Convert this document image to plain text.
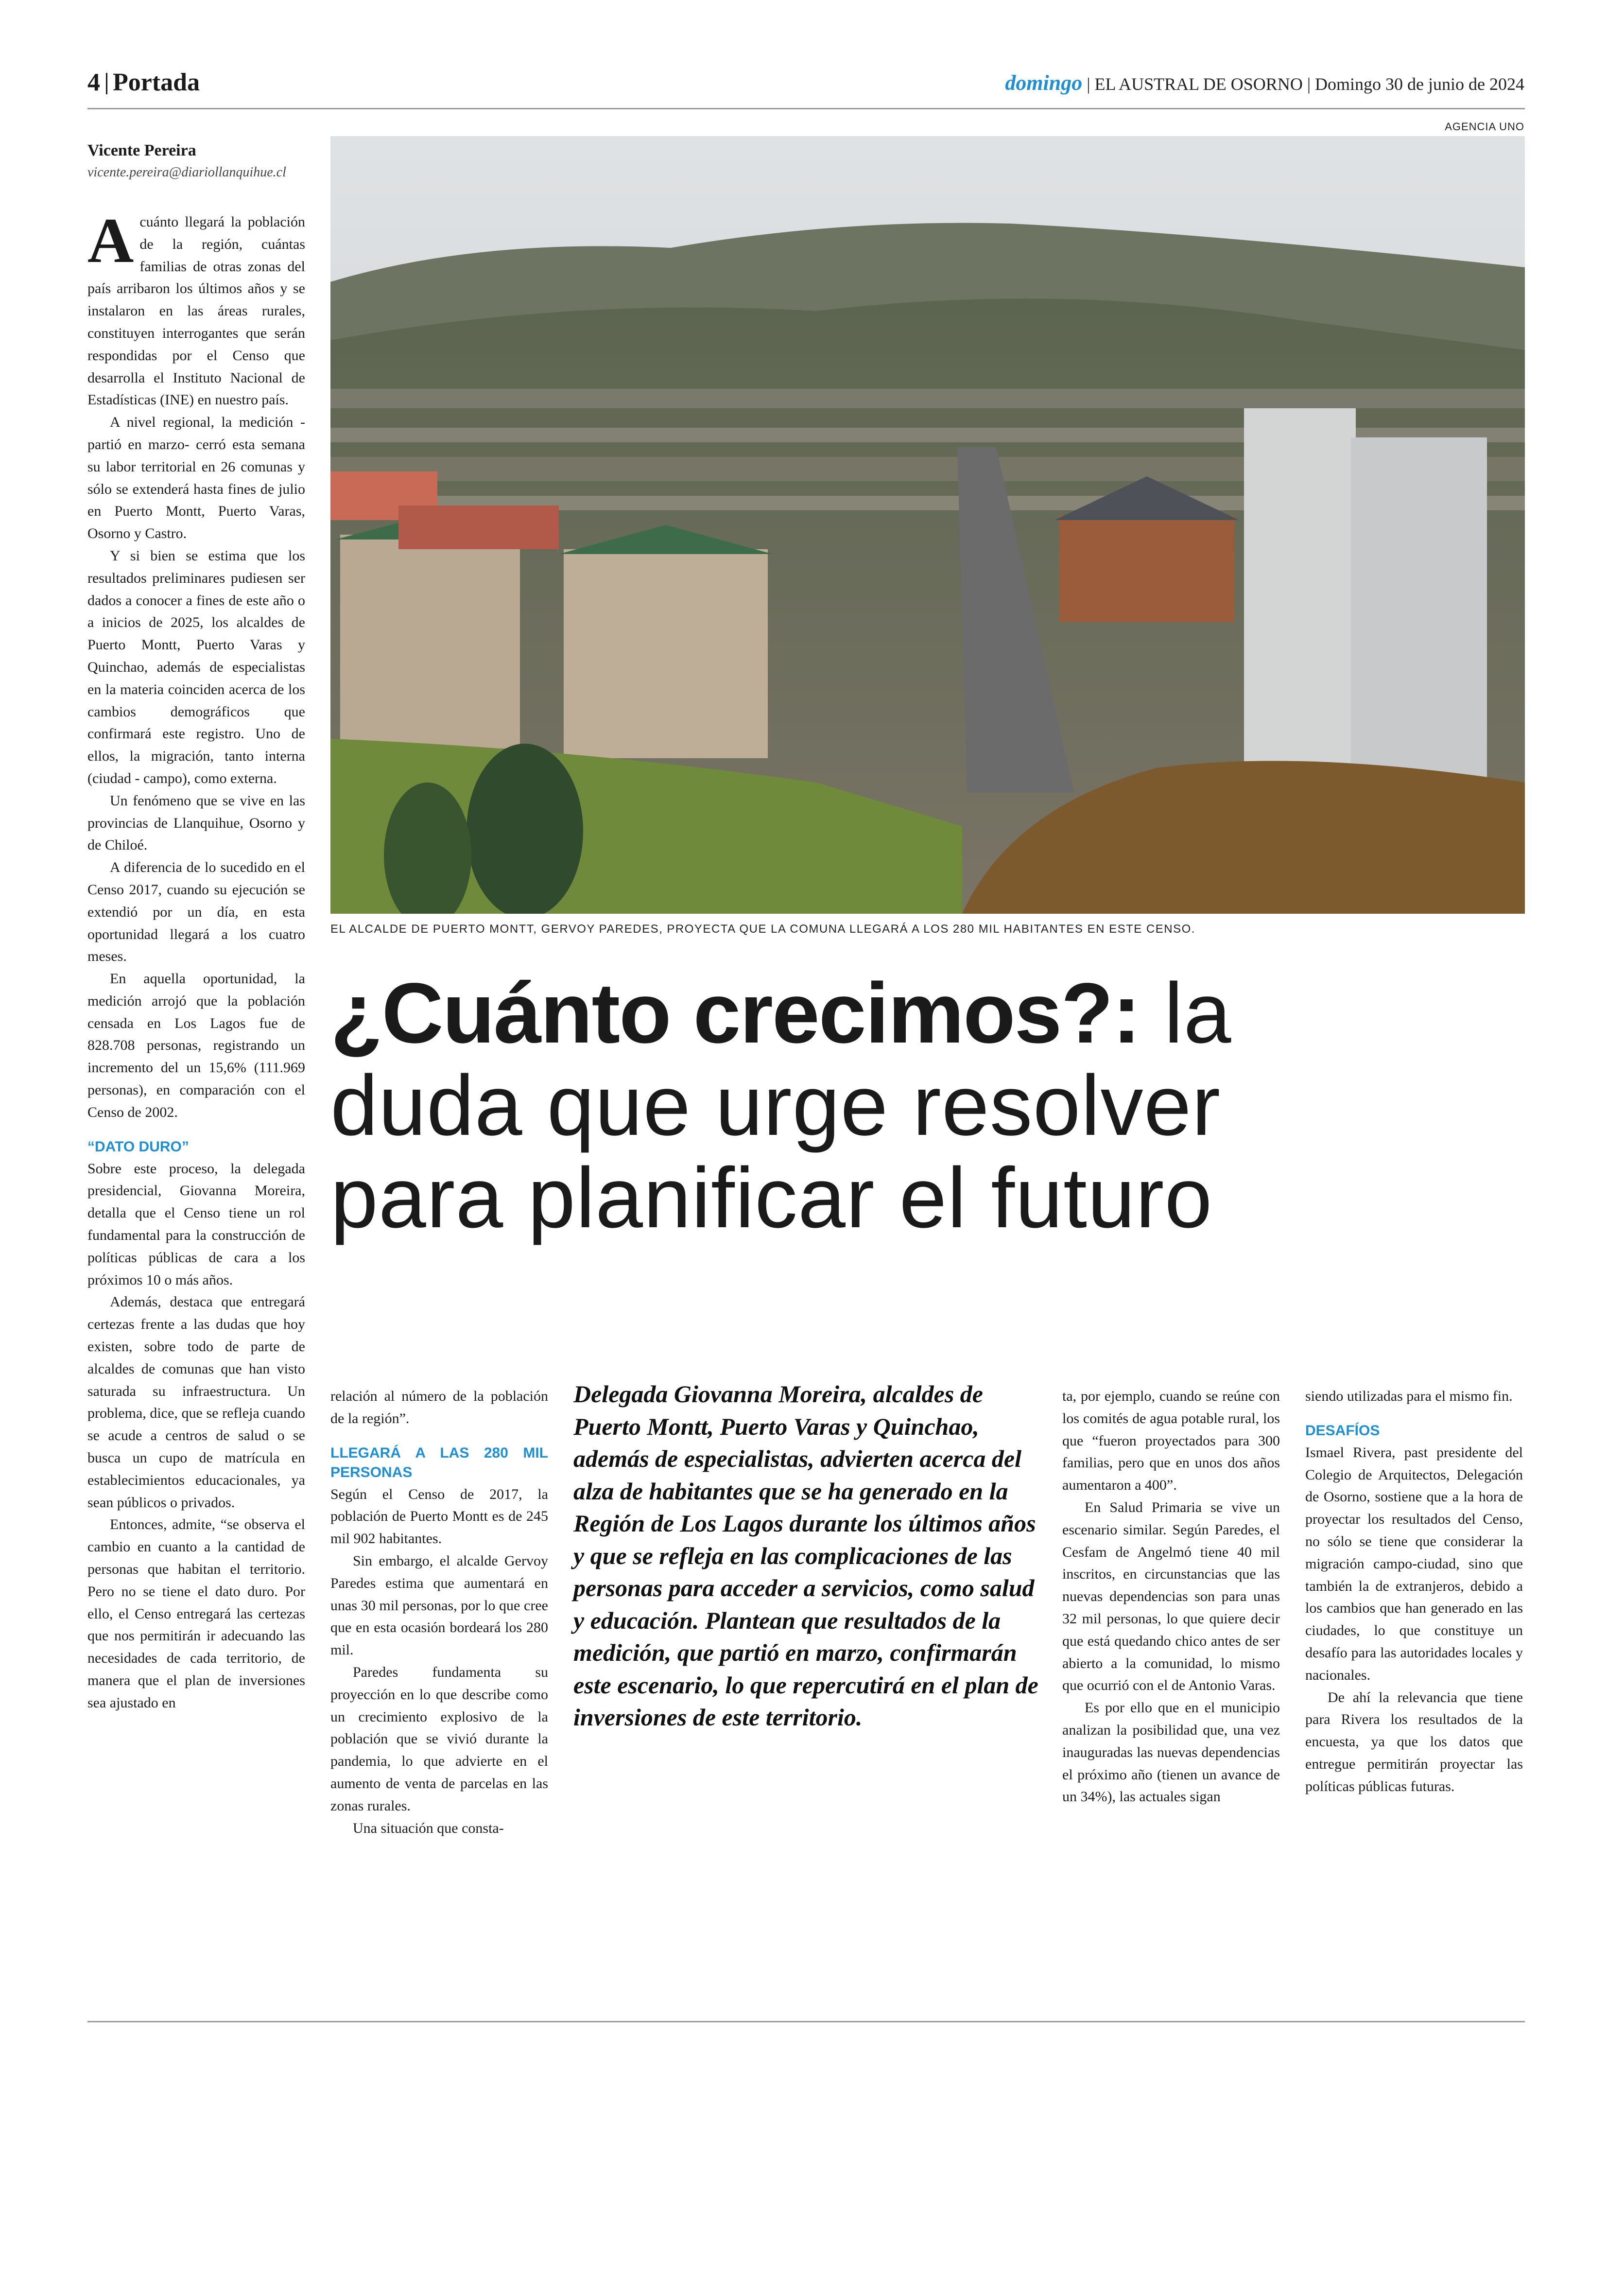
4 Portada	domingo | EL AUSTRAL DE OSORNO | Domingo 30 de junio de 2024
AGENCIA UNO
Vicente Pereira
vicente.pereira@diariollanquihue.cl

Acuánto llegará la población de la región, cuántas familias de otras zonas del país arribaron los últimos años y se instalaron en las áreas rurales, constituyen interrogantes que serán respondidas por el Censo que desarrolla el Instituto Nacional de Estadísticas (INE) en nuestro país.

A nivel regional, la medición -partió en marzo- cerró esta semana su labor territorial en 26 comunas y sólo se extenderá hasta fines de julio en Puerto Montt, Puerto Varas, Osorno y Castro.

Y si bien se estima que los resultados preliminares pudiesen ser dados a conocer a fines de este año o a inicios de 2025, los alcaldes de Puerto Montt, Puerto Varas y Quinchao, además de especialistas en la materia coinciden acerca de los cambios demográficos que confirmará este registro. Uno de ellos, la migración, tanto interna (ciudad - campo), como externa.

Un fenómeno que se vive en las provincias de Llanquihue, Osorno y de Chiloé.

A diferencia de lo sucedido en el Censo 2017, cuando su ejecución se extendió por un día, en esta oportunidad llegará a los cuatro meses.

En aquella oportunidad, la medición arrojó que la población censada en Los Lagos fue de 828.708 personas, registrando un incremento del un 15,6% (111.969 personas), en comparación con el Censo de 2002.

“DATO DURO”

Sobre este proceso, la delegada presidencial, Giovanna Moreira, detalla que el Censo tiene un rol fundamental para la construcción de políticas públicas de cara a los próximos 10 o más años.

Además, destaca que entregará certezas frente a las dudas que hoy existen, sobre todo de parte de alcaldes de comunas que han visto saturada su infraestructura. Un problema, dice, que se refleja cuando se acude a centros de salud o se busca un cupo de matrícula en establecimientos educacionales, ya sean públicos o privados.

Entonces, admite, “se observa el cambio en cuanto a la cantidad de personas que habitan el territorio. Pero no se tiene el dato duro. Por ello, el Censo entregará las certezas que nos permitirán ir adecuando las necesidades de cada territorio, de manera que el plan de inversiones sea ajustado en

EL ALCALDE DE PUERTO MONTT, GERVOY PAREDES, PROYECTA QUE LA COMUNA LLEGARÁ A LOS 280 MIL HABITANTES EN ESTE CENSO.
¿Cuánto crecimos?: la
duda que urge resolver
para planificar el futuro

relación al número de la población de la región”.

LLEGARÁ A LAS 280 MIL PERSONAS

Según el Censo de 2017, la población de Puerto Montt es de 245 mil 902 habitantes.

Sin embargo, el alcalde Gervoy Paredes estima que aumentará en unas 30 mil personas, por lo que cree que en esta ocasión bordeará los 280 mil.

Paredes fundamenta su proyección en lo que describe como un crecimiento explosivo de la población que se vivió durante la pandemia, lo que advierte en el aumento de venta de parcelas en las zonas rurales.

Una situación que consta-

Delegada Giovanna Moreira, alcaldes de Puerto Montt, Puerto Varas y Quinchao, además de especialistas, advierten acerca del alza de habitantes que se ha generado en la Región de Los Lagos durante los últimos años y que se refleja en las complicaciones de las personas para acceder a servicios, como salud y educación. Plantean que resultados de la medición, que partió en marzo, confirmarán este escenario, lo que repercutirá en el plan de inversiones de este territorio.

ta, por ejemplo, cuando se reúne con los comités de agua potable rural, los que “fueron proyectados para 300 familias, pero que en unos dos años aumentaron a 400”.

En Salud Primaria se vive un escenario similar. Según Paredes, el Cesfam de Angelmó tiene 40 mil inscritos, en circunstancias que las nuevas dependencias son para unas 32 mil personas, lo que quiere decir que está quedando chico antes de ser abierto a la comunidad, lo mismo que ocurrió con el de Antonio Varas.

Es por ello que en el municipio analizan la posibilidad que, una vez inauguradas las nuevas dependencias el próximo año (tienen un avance de un 34%), las actuales sigan

siendo utilizadas para el mismo fin.

DESAFÍOS

Ismael Rivera, past presidente del Colegio de Arquitectos, Delegación de Osorno, sostiene que a la hora de proyectar los resultados del Censo, no sólo se tiene que considerar la migración campo-ciudad, sino que también la de extranjeros, debido a los cambios que han generado en las ciudades, lo que constituye un desafío para las autoridades locales y nacionales.

De ahí la relevancia que tiene para Rivera los resultados de la encuesta, ya que los datos que entregue permitirán proyectar las políticas públicas futuras.
